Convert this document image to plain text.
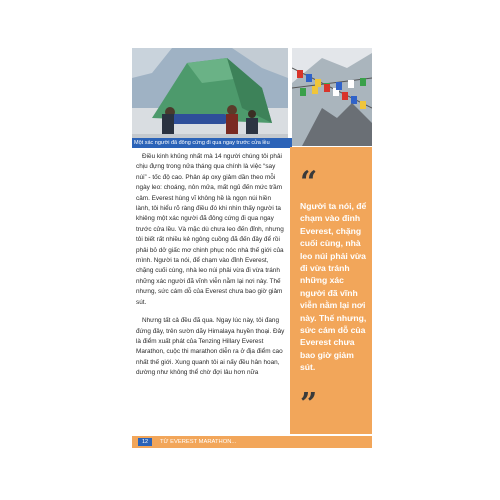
Một xác người đã đông cứng đi qua ngay trước cửa lều

Điều kinh khủng nhất mà 14 người chúng tôi phải chịu đựng trong nửa tháng qua chính là việc “say núi” - tốc độ cao. Phản áp oxy giảm dần theo mỗi ngày leo: choáng, nôn mửa, mất ngủ đến mức trầm cảm. Everest hùng vĩ không hề là ngọn núi hiền lành, tôi hiểu rõ ràng điều đó khi nhìn thấy người ta khiêng một xác người đã đông cứng đi qua ngay trước cửa lều. Và mặc dù chưa leo đến đỉnh, nhưng tôi biết rất nhiều kẻ ngông cuồng đã đến đây để rồi phải bỏ dở giấc mơ chinh phục nóc nhà thế giới của mình. Người ta nói, để chạm vào đỉnh Everest, chặng cuối cùng, nhà leo núi phải vừa đi vừa tránh những xác người đã vĩnh viễn nằm lại nơi này. Thế nhưng, sức cám dỗ của Everest chưa bao giờ giảm sút.

Nhưng tất cả đều đã qua. Ngay lúc này, tôi đang đứng đây, trên sườn dãy Himalaya huyền thoại. Đây là điểm xuất phát của Tenzing Hillary Everest Marathon, cuộc thi marathon diễn ra ở địa điểm cao nhất thế giới. Xung quanh tôi ai nấy đều hân hoan, dường như không thể chờ đợi lâu hơn nữa

“
Người ta nói, để chạm vào đỉnh Everest, chặng cuối cùng, nhà leo núi phải vừa đi vừa tránh những xác người đã vĩnh viễn nằm lại nơi này. Thế nhưng, sức cám dỗ của Everest chưa bao giờ giảm sút.
”
12	TỪ EVEREST MARATHON...
